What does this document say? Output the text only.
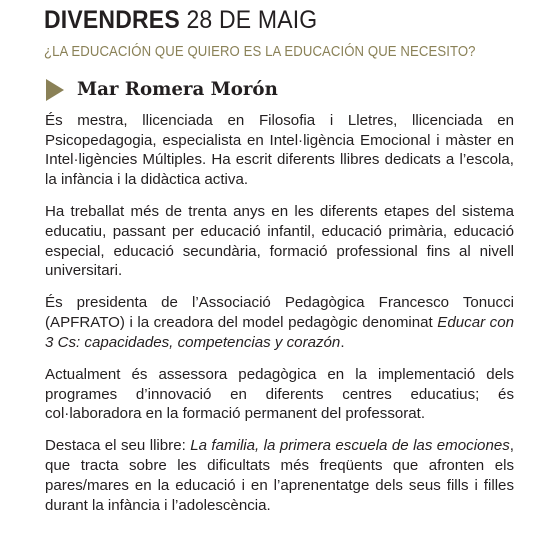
DIVENDRES 28 DE MAIG
¿LA EDUCACIÓN QUE QUIERO ES LA EDUCACIÓN QUE NECESITO?
Mar Romera Morón

És mestra, llicenciada en Filosofia i Lletres, llicenciada en Psicopedagogia, especialista en Intel·ligència Emocional i màster en Intel·ligències Múltiples. Ha escrit diferents llibres dedicats a l’escola, la infància i la didàctica activa.

Ha treballat més de trenta anys en les diferents etapes del sistema educatiu, passant per educació infantil, educació primària, educació especial, educació secundària, formació professional fins al nivell universitari.

És presidenta de l’Associació Pedagògica Francesco Tonucci (APFRATO) i la creadora del model pedagògic denominat Educar con 3 Cs: capacidades, competencias y corazón.

Actualment és assessora pedagògica en la implementació dels programes d’innovació en diferents centres educatius; és col·laboradora en la formació permanent del professorat.

Destaca el seu llibre: La familia, la primera escuela de las emociones, que tracta sobre les dificultats més freqüents que afronten els pares/mares en la educació i en l’aprenentatge dels seus fills i filles durant la infància i l’adolescència.
